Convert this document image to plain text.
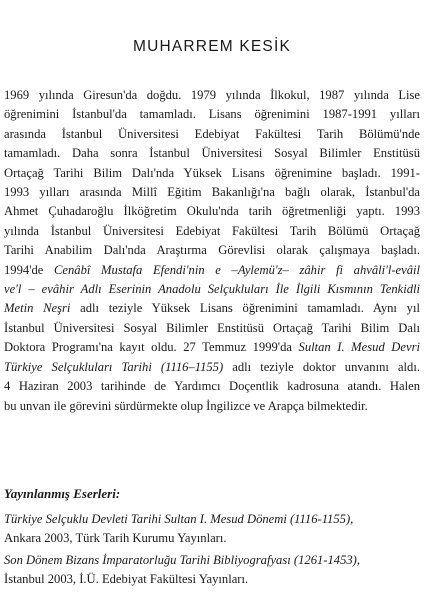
MUHARREM KESİK
1969 yılında Giresun'da doğdu. 1979 yılında İlkokul, 1987 yılında Lise
öğrenimini İstanbul'da tamamladı. Lisans öğrenimini 1987-1991 yılları
arasında İstanbul Üniversitesi Edebiyat Fakültesi Tarih Bölümü'nde
tamamladı. Daha sonra İstanbul Üniversitesi Sosyal Bilimler Enstitüsü
Ortaçağ Tarihi Bilim Dalı'nda Yüksek Lisans öğrenimine başladı. 1991-
1993 yılları arasında Millî Eğitim Bakanlığı'na bağlı olarak, İstanbul'da
Ahmet Çuhadaroğlu İlköğretim Okulu'nda tarih öğretmenliği yaptı. 1993
yılında İstanbul Üniversitesi Edebiyat Fakültesi Tarih Bölümü Ortaçağ
Tarihi Anabilim Dalı'nda Araştırma Görevlisi olarak çalışmaya başladı.
1994'de Cenâbî Mustafa Efendi'nin e –Aylemü'z– zâhir fi ahvâli'l-evâil
ve'l – evâhir Adlı Eserinin Anadolu Selçukluları İle İlgili Kısmının Tenkidli
Metin Neşri adlı teziyle Yüksek Lisans öğrenimini tamamladı. Aynı yıl
İstanbul Üniversitesi Sosyal Bilimler Enstitüsü Ortaçağ Tarihi Bilim Dalı
Doktora Programı'na kayıt oldu. 27 Temmuz 1999'da Sultan I. Mesud Devri
Türkiye Selçukluları Tarihi (1116–1155) adlı teziyle doktor unvanını aldı.
4 Haziran 2003 tarihinde de Yardımcı Doçentlik kadrosuna atandı. Halen
bu unvan ile görevini sürdürmekte olup İngilizce ve Arapça bilmektedir.
Yayınlanmış Eserleri:
Türkiye Selçuklu Devleti Tarihi Sultan I. Mesud Dönemi (1116-1155),
Ankara 2003, Türk Tarih Kurumu Yayınları.
Son Dönem Bizans İmparatorluğu Tarihi Bibliyografyası (1261-1453),
İstanbul 2003, İ.Ü. Edebiyat Fakültesi Yayınları.
